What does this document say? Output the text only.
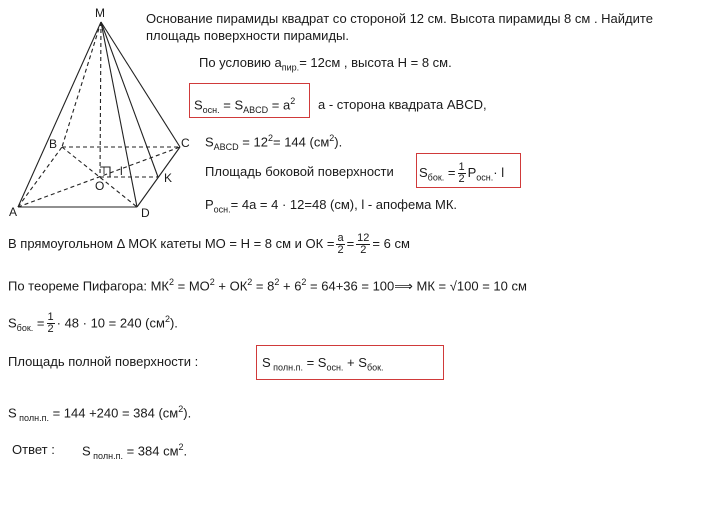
M
B	C
A	D
O
K
l
Основание пирамиды квадрат со стороной 12 см. Высота пирамиды 8 см . Найдите
площадь поверхности пирамиды.
По условию $a_{пир.}= 12см$ , высота Н = 8 см.
$S_{осн.} = S_{ABCD} = a^2$ а - сторона квадрата ABCD,
$S_{ABCD} = 12^2= 144$ $(см^2)$.
Площадь боковой поверхности $S_{бок.} = \frac{1}{2} P_{осн.}\cdot l$
$P_{осн.}= 4a = 4 \cdot 12=48$ (см), l - апофема МК.
В прямоугольном Δ МОК катеты МО = Н = 8 см и ОК = $\frac{a}{2} = \frac{12}{2} = 6$ см
По теореме Пифагора: $МК^2 = МО^2 + ОК^2 = 8^2 + 6^2 = 64+36$ = 100⟹ МК = √100 = 10 см
$S_{бок.} = \frac{1}{2} \cdot 48 \cdot 10 = 240$ $(см^2)$.
Площадь полной поверхности :	S $_{полн.п.} = S_{осн.} + S_{бок.}$
S $_{полн.п.}$ = 144 +240 = 384 $(см^2)$.
Ответ : S $_{полн.п.}$ = 384 $см^2$.
